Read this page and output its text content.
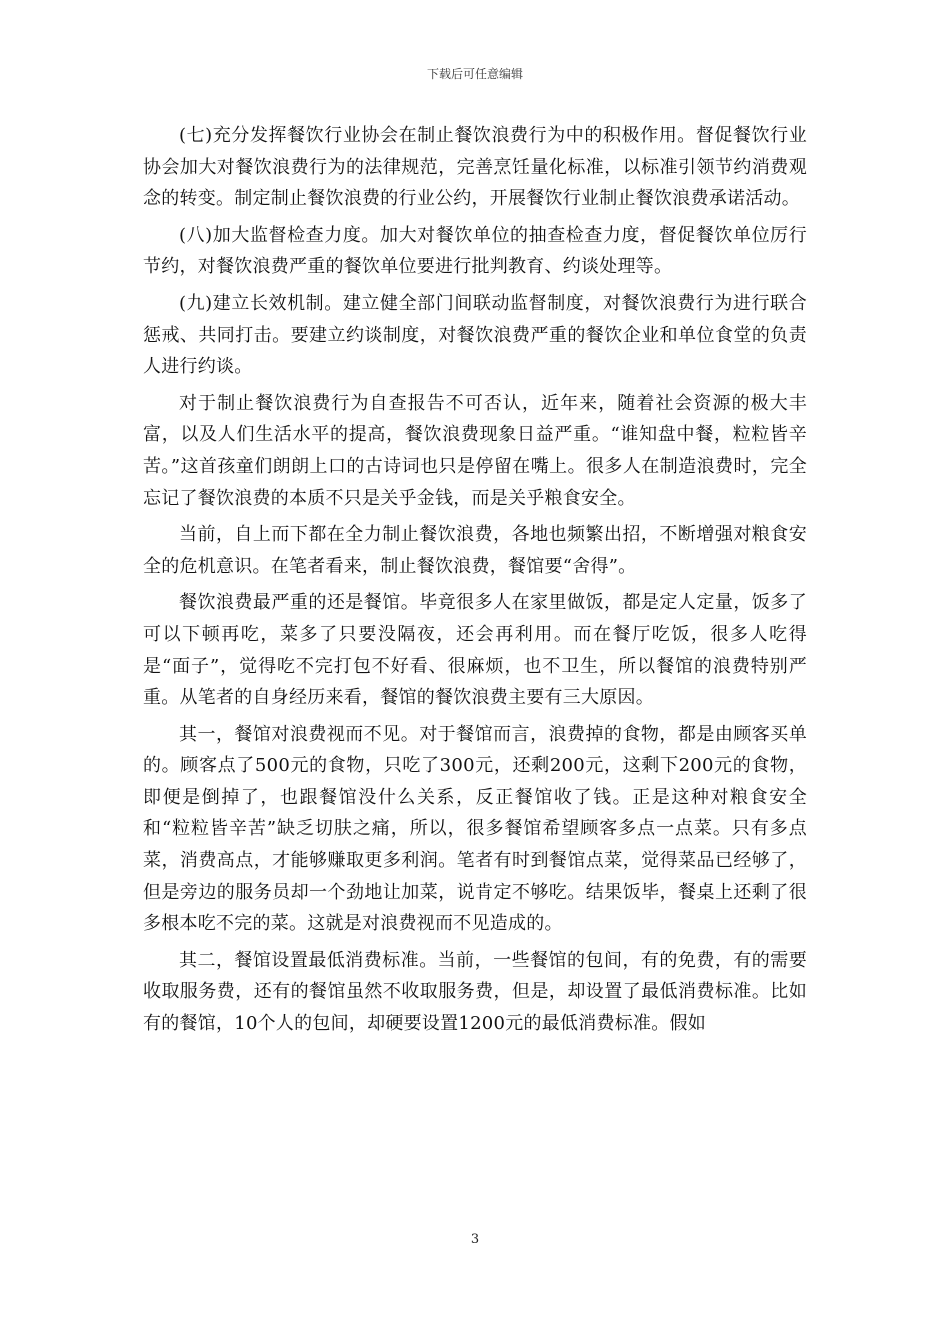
下载后可任意编辑

(七)充分发挥餐饮行业协会在制止餐饮浪费行为中的积极作用。督促餐饮行业协会加大对餐饮浪费行为的法律规范，完善烹饪量化标准，以标准引领节约消费观念的转变。制定制止餐饮浪费的行业公约，开展餐饮行业制止餐饮浪费承诺活动。

(八)加大监督检查力度。加大对餐饮单位的抽查检查力度，督促餐饮单位厉行节约，对餐饮浪费严重的餐饮单位要进行批判教育、约谈处理等。

(九)建立长效机制。建立健全部门间联动监督制度，对餐饮浪费行为进行联合惩戒、共同打击。要建立约谈制度，对餐饮浪费严重的餐饮企业和单位食堂的负责人进行约谈。

对于制止餐饮浪费行为自查报告不可否认，近年来，随着社会资源的极大丰富，以及人们生活水平的提高，餐饮浪费现象日益严重。“谁知盘中餐，粒粒皆辛苦。”这首孩童们朗朗上口的古诗词也只是停留在嘴上。很多人在制造浪费时，完全忘记了餐饮浪费的本质不只是关乎金钱，而是关乎粮食安全。

当前，自上而下都在全力制止餐饮浪费，各地也频繁出招，不断增强对粮食安全的危机意识。在笔者看来，制止餐饮浪费，餐馆要“舍得”。

餐饮浪费最严重的还是餐馆。毕竟很多人在家里做饭，都是定人定量，饭多了可以下顿再吃，菜多了只要没隔夜，还会再利用。而在餐厅吃饭，很多人吃得是“面子”，觉得吃不完打包不好看、很麻烦，也不卫生，所以餐馆的浪费特别严重。从笔者的自身经历来看，餐馆的餐饮浪费主要有三大原因。

其一，餐馆对浪费视而不见。对于餐馆而言，浪费掉的食物，都是由顾客买单的。顾客点了500元的食物，只吃了300元，还剩200元，这剩下200元的食物，即便是倒掉了，也跟餐馆没什么关系，反正餐馆收了钱。正是这种对粮食安全和“粒粒皆辛苦”缺乏切肤之痛，所以，很多餐馆希望顾客多点一点菜。只有多点菜，消费高点，才能够赚取更多利润。笔者有时到餐馆点菜，觉得菜品已经够了，但是旁边的服务员却一个劲地让加菜，说肯定不够吃。结果饭毕，餐桌上还剩了很多根本吃不完的菜。这就是对浪费视而不见造成的。

其二，餐馆设置最低消费标准。当前，一些餐馆的包间，有的免费，有的需要收取服务费，还有的餐馆虽然不收取服务费，但是，却设置了最低消费标准。比如有的餐馆，10个人的包间，却硬要设置1200元的最低消费标准。假如

3
